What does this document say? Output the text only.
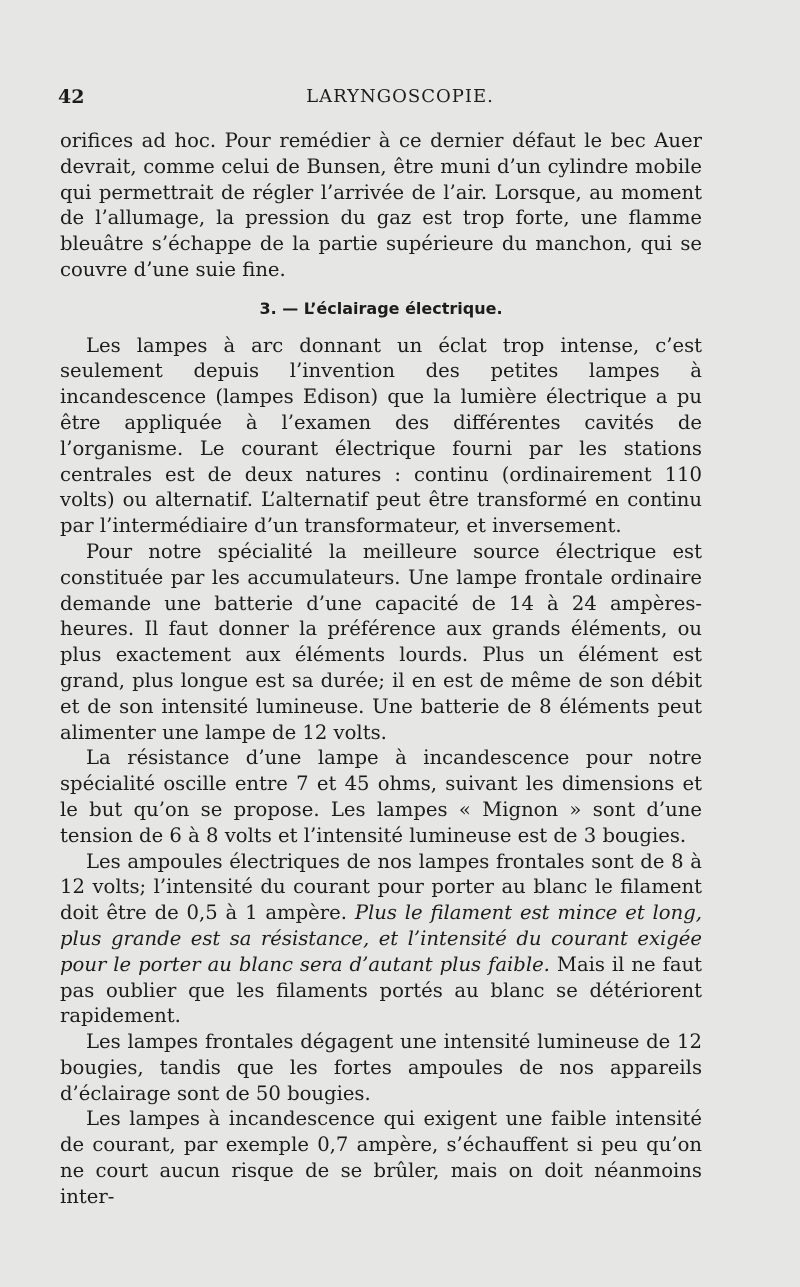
42	LARYNGOSCOPIE.

orifices ad hoc. Pour remédier à ce dernier défaut le bec Auer devrait, comme celui de Bunsen, être muni d’un cylindre mobile qui permettrait de régler l’arrivée de l’air. Lorsque, au moment de l’allumage, la pression du gaz est trop forte, une flamme bleuâtre s’échappe de la partie supérieure du manchon, qui se couvre d’une suie fine.

3. — L’éclairage électrique.

Les lampes à arc donnant un éclat trop intense, c’est seulement depuis l’invention des petites lampes à incandescence (lampes Edison) que la lumière électrique a pu être appliquée à l’examen des différentes cavités de l’organisme. Le courant électrique fourni par les stations centrales est de deux natures : continu (ordinairement 110 volts) ou alternatif. L’alternatif peut être transformé en continu par l’intermédiaire d’un transformateur, et inversement.

Pour notre spécialité la meilleure source électrique est constituée par les accumulateurs. Une lampe frontale ordinaire demande une batterie d’une capacité de 14 à 24 ampères-heures. Il faut donner la préférence aux grands éléments, ou plus exactement aux éléments lourds. Plus un élément est grand, plus longue est sa durée; il en est de même de son débit et de son intensité lumineuse. Une batterie de 8 éléments peut alimenter une lampe de 12 volts.

La résistance d’une lampe à incandescence pour notre spécialité oscille entre 7 et 45 ohms, suivant les dimensions et le but qu’on se propose. Les lampes « Mignon » sont d’une tension de 6 à 8 volts et l’intensité lumineuse est de 3 bougies.

Les ampoules électriques de nos lampes frontales sont de 8 à 12 volts; l’intensité du courant pour porter au blanc le filament doit être de 0,5 à 1 ampère. Plus le filament est mince et long, plus grande est sa résistance, et l’intensité du courant exigée pour le porter au blanc sera d’autant plus faible. Mais il ne faut pas oublier que les filaments portés au blanc se détériorent rapidement.

Les lampes frontales dégagent une intensité lumineuse de 12 bougies, tandis que les fortes ampoules de nos appareils d’éclairage sont de 50 bougies.

Les lampes à incandescence qui exigent une faible intensité de courant, par exemple 0,7 ampère, s’échauffent si peu qu’on ne court aucun risque de se brûler, mais on doit néanmoins inter-
